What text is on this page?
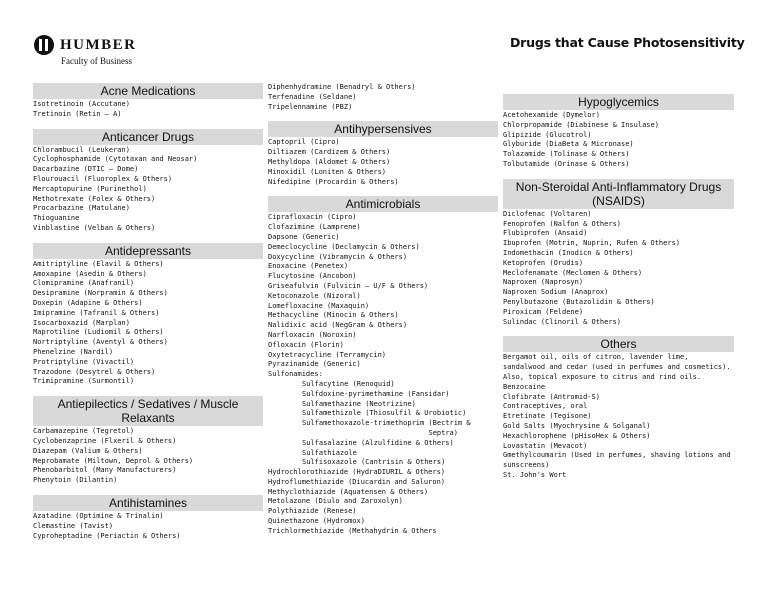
HUMBER
Faculty of Business
Drugs that Cause Photosensitivity
Acne Medications
Isotretinoin (Accutane)
Tretinoin (Retin – A)
Anticancer Drugs
Chlorambucil (Leukeran)
Cyclophosphamide (Cytotaxan and Neosar)
Dacarbazine (DTIC – Dome)
Flourouacil (Fluoroplex & Others)
Mercaptopurine (Purinethol)
Methotrexate (Folex & Others)
Procarbazine (Matulane)
Thioguanine
Vinblastine (Velban & Others)
Antidepressants
Amitriptyline (Elavil & Others)
Amoxapine (Asedin & Others)
Clomipramine (Anafranil)
Desipramine (Norpramin & Others)
Doxepin (Adapine & Others)
Imipramine (Tafranil & Others)
Isocarboxazid (Marplan)
Maprotiline (Ludiomil & Others)
Nortriptyline (Aventyl & Others)
Phenelzine (Nardil)
Protriptyline (Vivactil)
Trazodone (Desytrel & Others)
Trimipramine (Surmontil)
Antiepilectics / Sedatives / Muscle Relaxants
Carbamazepine (Tegretol)
Cyclobenzaprine (Flxeril & Others)
Diazepam (Valium & Others)
Meprobamate (Miltown, Deprol & Others)
Phenobarbitol (Many Manufacturers)
Phenytoin (Dilantin)
Antihistamines
Azatadine (Optimine & Trinalin)
Clemastine (Tavist)
Cyproheptadine (Periactin & Others)
Diphenhydramine (Benadryl & Others)
Terfenadine (Seldane)
Tripelennamine (PBZ)
Antihypersensives
Captopril (Cipro)
Diltiazem (Cardizem & Others)
Methyldopa (Aldomet & Others)
Minoxidil (Loniten & Others)
Nifedipine (Procardin & Others)
Antimicrobials
Ciprafloxacin (Cipro)
Clofazimine (Lamprene)
Dapsone (Generic)
Demeclocycline (Declamycin & Others)
Doxycycline (Vibramycin & Others)
Enoxacine (Penetex)
Flucytosine (Ancobon)
Griseafulvin (Fulvicin – U/F & Others)
Ketoconazole (Nizoral)
Lomefloxacine (Maxaquin)
Methacycline (Minocin & Others)
Nalidixic acid (NegGram & Others)
Narfloxacin (Noroxin)
Ofloxacin (Florin)
Oxytetracycline (Terramycin)
Pyrazinamide (Generic)
Sulfonamides:
Sulfacytine (Renoquid)
Sulfdoxine-pyrimethamine (Fansidar)
Sulfamethazine (Neotrizine)
Sulfamethizole (Thiosulfil & Urobiotic)
Sulfamethoxazole-trimethoprim (Bectrim &
Septra)
Sulfasalazine (Alzulfidine & Others)
Sulfathiazole
Sulfisoxazole (Cantrisin & Others)
Hydrochlorothiazide (HydraDIURIL & Others)
Hydroflumethiazide (Diucardin and Saluron)
Methyclothiazide (Aquatensen & Others)
Metolazone (Diulo and Zaroxolyn)
Polythiazide (Renese)
Quinethazone (Hydromox)
Trichlormethiazide (Methahydrin & Others
Hypoglycemics
Acetohexamide (Dymelor)
Chlorpropamide (Diabinese & Insulase)
Glipizide (Glucotrol)
Glyburide (DiaBeta & Micronase)
Tolazamide (Tolinase & Others)
Tolbutamide (Orinase & Others)
Non-Steroidal Anti-Inflammatory Drugs (NSAIDS)
Diclofenac (Voltaren)
Fenoprofen (Nalfon & Others)
Flubiprofen (Ansaid)
Ibuprofen (Motrin, Nuprin, Rufen & Others)
Indomethacin (Inodicn & Others)
Ketoprofen (Orudis)
Meclofenamate (Meclomen & Others)
Naproxen (Naprosyn)
Naproxen Sodium (Anaprox)
Penylbutazone (Butazolidin & Others)
Piroxicam (Feldene)
Sulindac (Clinoril & Others)
Others
Bergamot oil, oils of citron, lavender lime, sandalwood and cedar (used in perfumes and cosmetics). Also, topical exposure to citrus and rind oils.
Benzocaine
Clofibrate (Antromid-S)
Contraceptives, oral
Etretinate (Tegisone)
Gold Salts (Myochrysine & Solganal)
Hexachlorophene (pHisoHex & Others)
Lovastatin (Mevacot)
Gmethylcoumarin (Used in perfumes, shaving lotions and sunscreens)
St. John's Wort
